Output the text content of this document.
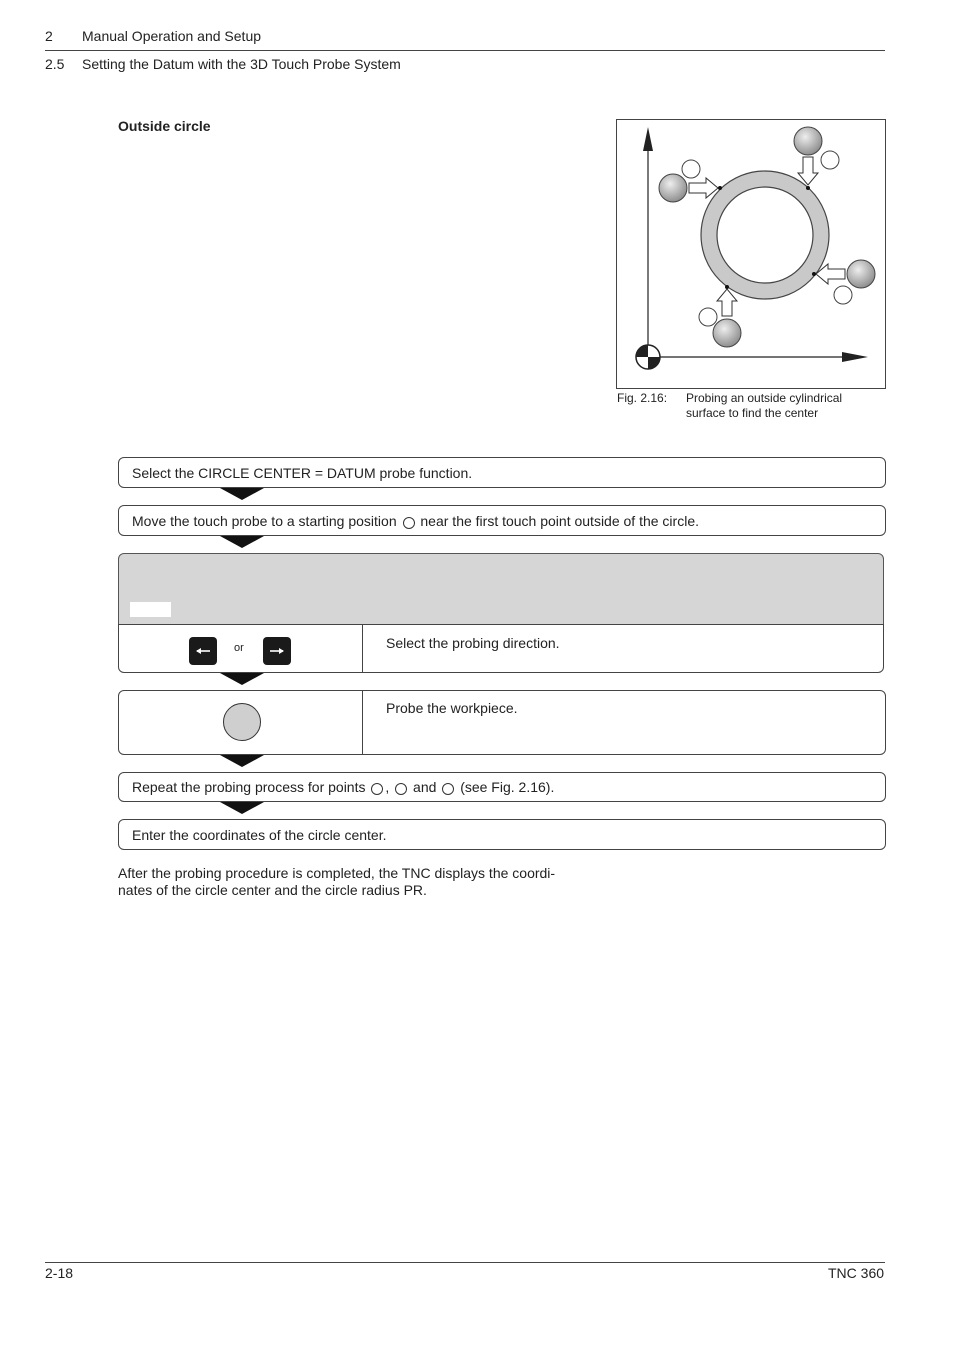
2 Manual Operation and Setup
2.5 Setting the Datum with the 3D Touch Probe System
Outside circle
Fig. 2.16: Probing an outside cylindrical
surface to find the center
Select the CIRCLE CENTER = DATUM probe function.
Move the touch probe to a starting position near the first touch point outside of the circle.
or	Select the probing direction.
Probe the workpiece.
Repeat the probing process for points , and (see Fig. 2.16).
Enter the coordinates of the circle center.
After the probing procedure is completed, the TNC displays the coordi-
nates of the circle center and the circle radius PR.
2-18	TNC 360
